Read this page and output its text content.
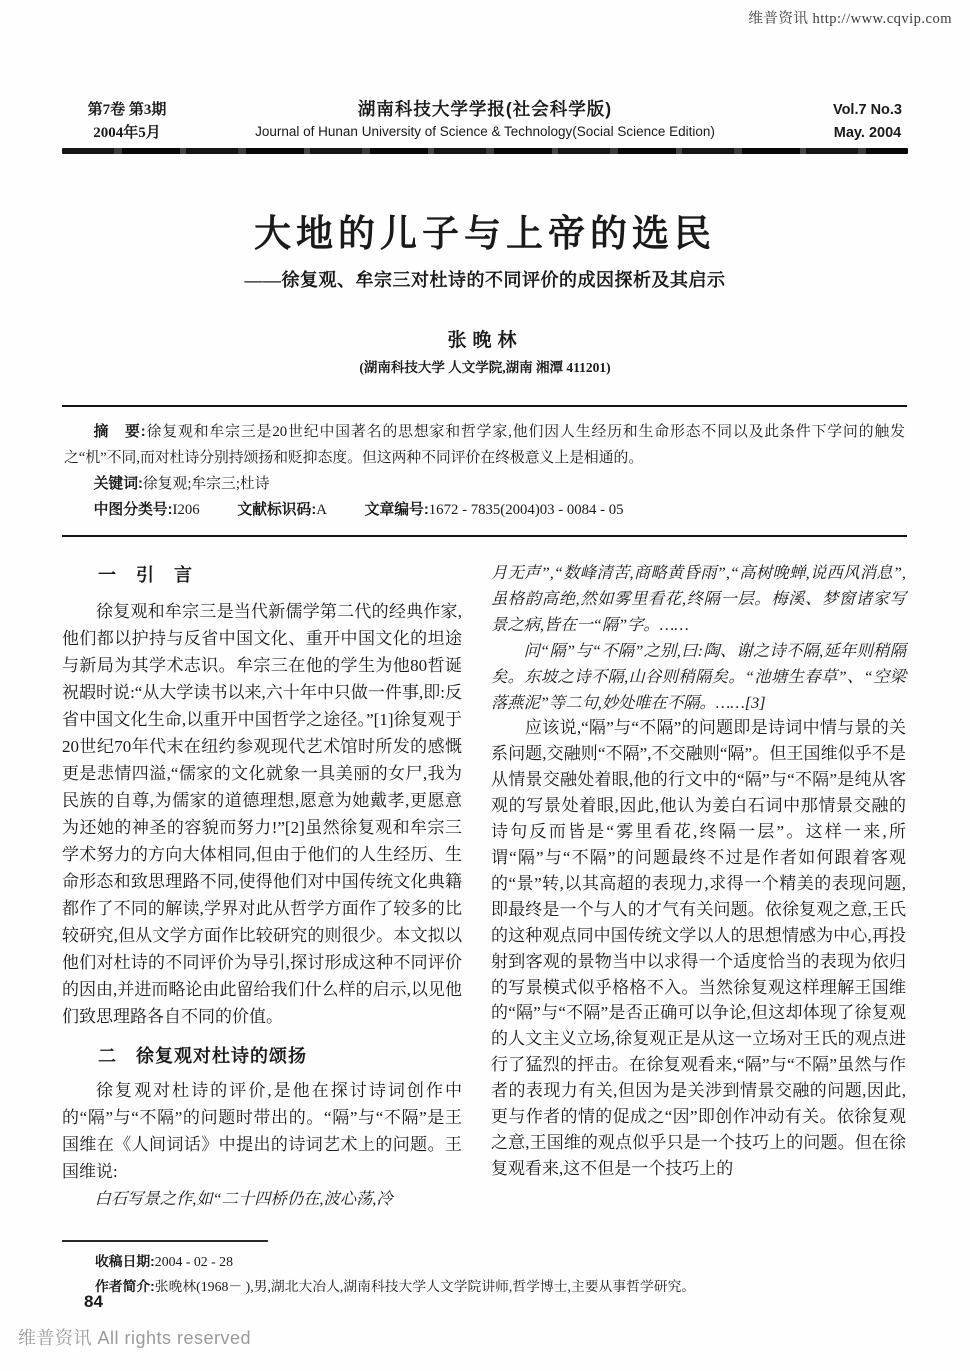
维普资讯 http://www.cqvip.com
第7卷 第3期
2004年5月
湖南科技大学学报(社会科学版)
Journal of Hunan University of Science & Technology(Social Science Edition)
Vol.7 No.3
May. 2004
大地的儿子与上帝的选民
——徐复观、牟宗三对杜诗的不同评价的成因探析及其启示
张晚林
(湖南科技大学 人文学院,湖南 湘潭 411201)
摘　要:徐复观和牟宗三是20世纪中国著名的思想家和哲学家,他们因人生经历和生命形态不同以及此条件下学问的触发之“机”不同,而对杜诗分别持颂扬和贬抑态度。但这两种不同评价在终极意义上是相通的。
关键词:徐复观;牟宗三;杜诗
中图分类号:I206	文献标识码:A	文章编号:1672 - 7835(2004)03 - 0084 - 05
一　引　言

徐复观和牟宗三是当代新儒学第二代的经典作家,他们都以护持与反省中国文化、重开中国文化的坦途与新局为其学术志识。牟宗三在他的学生为他80哲诞祝嘏时说:“从大学读书以来,六十年中只做一件事,即:反省中国文化生命,以重开中国哲学之途径。”[1]徐复观于20世纪70年代末在纽约参观现代艺术馆时所发的感慨更是悲情四溢,“儒家的文化就象一具美丽的女尸,我为民族的自尊,为儒家的道德理想,愿意为她戴孝,更愿意为还她的神圣的容貌而努力!”[2]虽然徐复观和牟宗三学术努力的方向大体相同,但由于他们的人生经历、生命形态和致思理路不同,使得他们对中国传统文化典籍都作了不同的解读,学界对此从哲学方面作了较多的比较研究,但从文学方面作比较研究的则很少。本文拟以他们对杜诗的不同评价为导引,探讨形成这种不同评价的因由,并进而略论由此留给我们什么样的启示,以见他们致思理路各自不同的价值。

二　徐复观对杜诗的颂扬

徐复观对杜诗的评价,是他在探讨诗词创作中的“隔”与“不隔”的问题时带出的。“隔”与“不隔”是王国维在《人间词话》中提出的诗词艺术上的问题。王国维说:

白石写景之作,如“二十四桥仍在,波心荡,冷

月无声”,“数峰清苦,商略黄昏雨”,“高树晚蝉,说西风消息”,虽格韵高绝,然如雾里看花,终隔一层。梅溪、梦窗诸家写景之病,皆在一“隔”字。……

问“隔”与“不隔”之别,曰:陶、谢之诗不隔,延年则稍隔矣。东坡之诗不隔,山谷则稍隔矣。“池塘生春草”、“空梁落燕泥”等二句,妙处唯在不隔。……[3]

应该说,“隔”与“不隔”的问题即是诗词中情与景的关系问题,交融则“不隔”,不交融则“隔”。但王国维似乎不是从情景交融处着眼,他的行文中的“隔”与“不隔”是纯从客观的写景处着眼,因此,他认为姜白石词中那情景交融的诗句反而皆是“雾里看花,终隔一层”。这样一来,所谓“隔”与“不隔”的问题最终不过是作者如何跟着客观的“景”转,以其高超的表现力,求得一个精美的表现问题,即最终是一个与人的才气有关问题。依徐复观之意,王氏的这种观点同中国传统文学以人的思想情感为中心,再投射到客观的景物当中以求得一个适度恰当的表现为依归的写景模式似乎格格不入。当然徐复观这样理解王国维的“隔”与“不隔”是否正确可以争论,但这却体现了徐复观的人文主义立场,徐复观正是从这一立场对王氏的观点进行了猛烈的抨击。在徐复观看来,“隔”与“不隔”虽然与作者的表现力有关,但因为是关涉到情景交融的问题,因此,更与作者的情的促成之“因”即创作冲动有关。依徐复观之意,王国维的观点似乎只是一个技巧上的问题。但在徐复观看来,这不但是一个技巧上的

收稿日期:2004 - 02 - 28
作者简介:张晚林(1968－ ),男,湖北大冶人,湖南科技大学人文学院讲师,哲学博士,主要从事哲学研究。
84
维普资讯 All rights reserved
